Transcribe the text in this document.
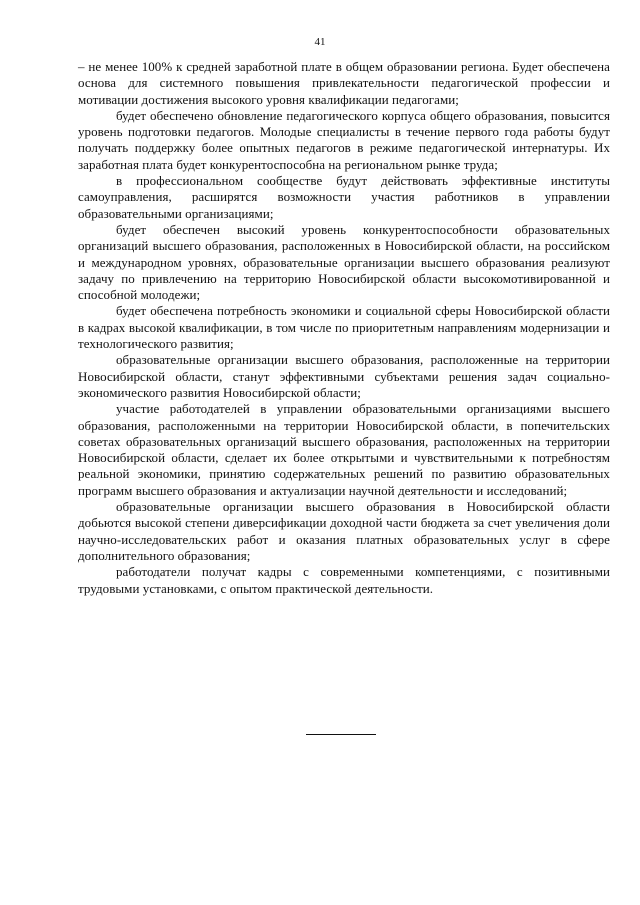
41

– не менее 100% к средней заработной плате в общем образовании региона. Будет обеспечена основа для системного повышения привлекательности педагогической профессии и мотивации достижения высокого уровня квалификации педагогами;

будет обеспечено обновление педагогического корпуса общего образования, повысится уровень подготовки педагогов. Молодые специалисты в течение первого года работы будут получать поддержку более опытных педагогов в режиме педагогической интернатуры. Их заработная плата будет конкурентоспособна на региональном рынке труда;

в профессиональном сообществе будут действовать эффективные институты самоуправления, расширятся возможности участия работников в управлении образовательными организациями;

будет обеспечен высокий уровень конкурентоспособности образовательных организаций высшего образования, расположенных в Новосибирской области, на российском и международном уровнях, образовательные организации высшего образования реализуют задачу по привлечению на территорию Новосибирской области высокомотивированной и способной молодежи;

будет обеспечена потребность экономики и социальной сферы Новосибирской области в кадрах высокой квалификации, в том числе по приоритетным направлениям модернизации и технологического развития;

образовательные организации высшего образования, расположенные на территории Новосибирской области, станут эффективными субъектами решения задач социально-экономического развития Новосибирской области;

участие работодателей в управлении образовательными организациями высшего образования, расположенными на территории Новосибирской области, в попечительских советах образовательных организаций высшего образования, расположенных на территории Новосибирской области, сделает их более открытыми и чувствительными к потребностям реальной экономики, принятию содержательных решений по развитию образовательных программ высшего образования и актуализации научной деятельности и исследований;

образовательные организации высшего образования в Новосибирской области добьются высокой степени диверсификации доходной части бюджета за счет увеличения доли научно-исследовательских работ и оказания платных образовательных услуг в сфере дополнительного образования;

работодатели получат кадры с современными компетенциями, с позитивными трудовыми установками, с опытом практической деятельности.
